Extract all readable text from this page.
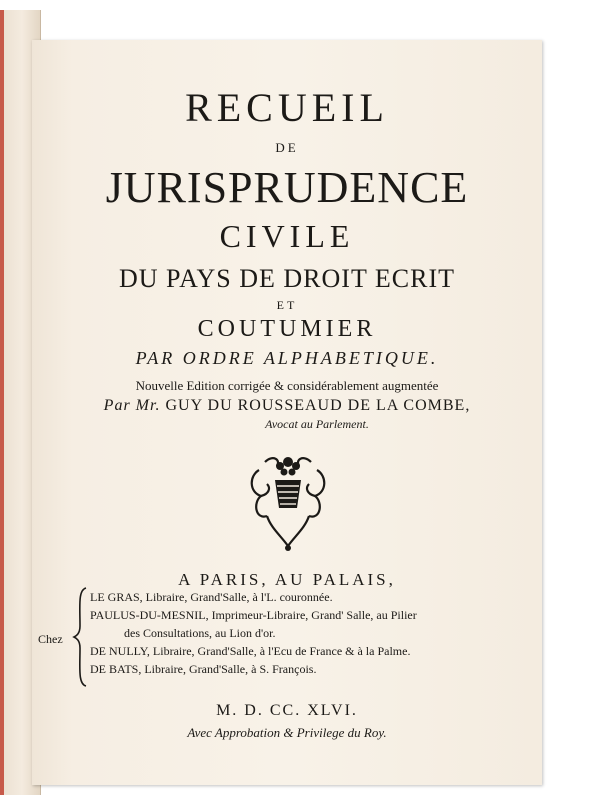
RECUEIL
DE
JURISPRUDENCE
CIVILE
DU PAYS DE DROIT ECRIT
ET
COUTUMIER
PAR ORDRE ALPHABETIQUE.
Nouvelle Edition corrigée & considérablement augmentée
Par Mr. GUY DU ROUSSEAUD DE LA COMBE,
Avocat au Parlement.
A PARIS, AU PALAIS,
Chez
LE GRAS, Libraire, Grand'Salle, à l'L. couronnée.
PAULUS-DU-MESNIL, Imprimeur-Libraire, Grand' Salle, au Pilier
des Consultations, au Lion d'or.
DE NULLY, Libraire, Grand'Salle, à l'Ecu de France & à la Palme.
DE BATS, Libraire, Grand'Salle, à S. François.
M. D. CC. XLVI.
Avec Approbation & Privilege du Roy.
